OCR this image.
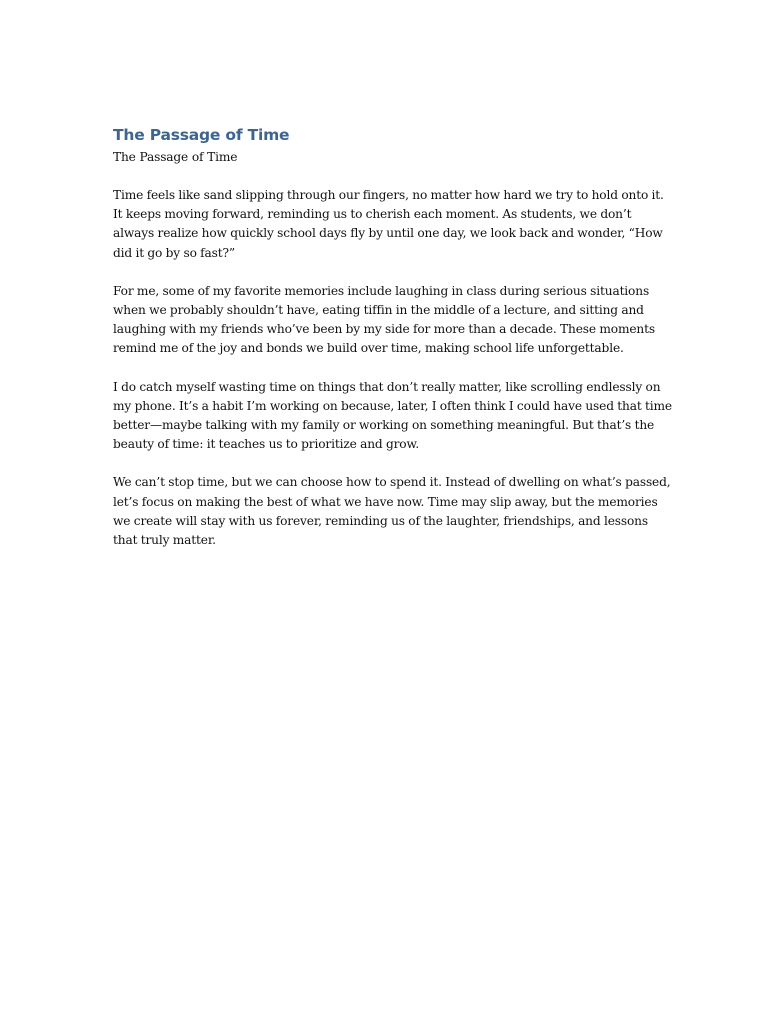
The Passage of Time

The Passage of Time

Time feels like sand slipping through our fingers, no matter how hard we try to hold onto it.
It keeps moving forward, reminding us to cherish each moment. As students, we don’t
always realize how quickly school days fly by until one day, we look back and wonder, “How
did it go by so fast?”

For me, some of my favorite memories include laughing in class during serious situations
when we probably shouldn’t have, eating tiffin in the middle of a lecture, and sitting and
laughing with my friends who’ve been by my side for more than a decade. These moments
remind me of the joy and bonds we build over time, making school life unforgettable.

I do catch myself wasting time on things that don’t really matter, like scrolling endlessly on
my phone. It’s a habit I’m working on because, later, I often think I could have used that time
better—maybe talking with my family or working on something meaningful. But that’s the
beauty of time: it teaches us to prioritize and grow.

We can’t stop time, but we can choose how to spend it. Instead of dwelling on what’s passed,
let’s focus on making the best of what we have now. Time may slip away, but the memories
we create will stay with us forever, reminding us of the laughter, friendships, and lessons
that truly matter.
